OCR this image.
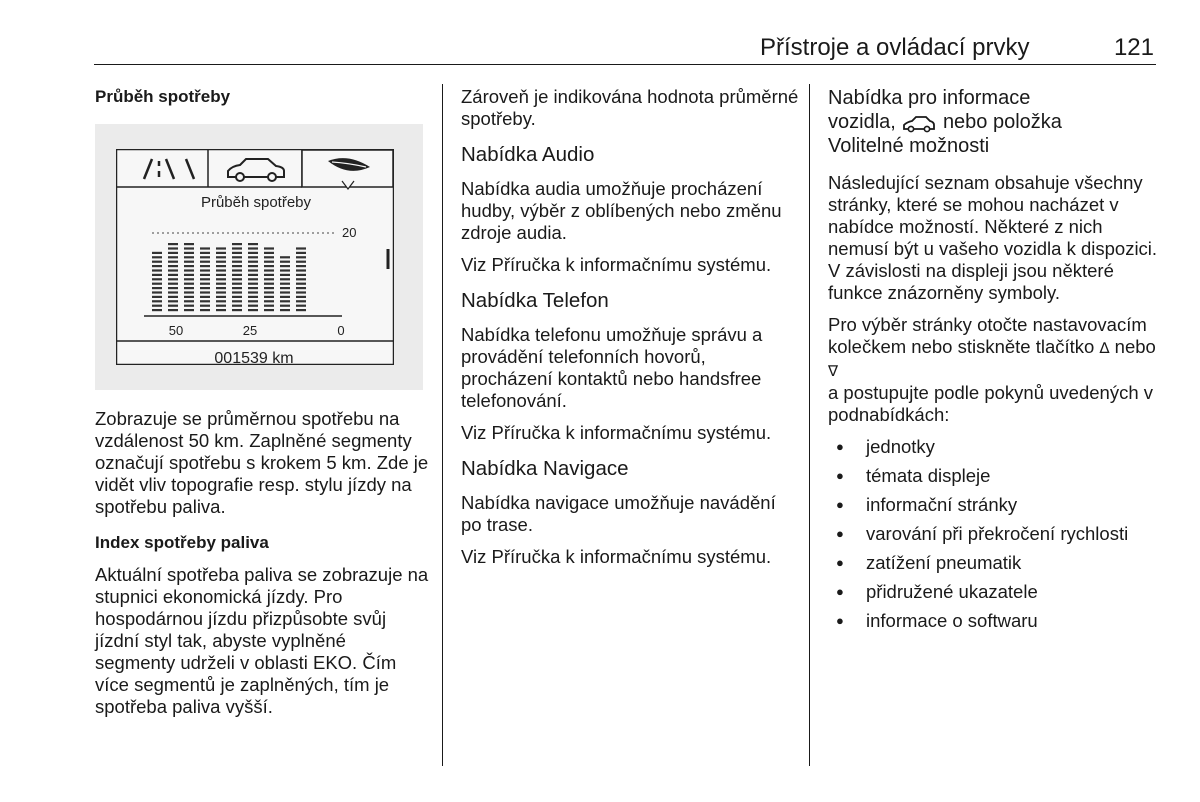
Přístroje a ovládací prvky	121

Průběh spotřeby

Průběh spotřeby
20
50	25	0
001539 km

Zobrazuje se průměrnou spotřebu na vzdálenost 50 km. Zaplněné segmenty označují spotřebu s krokem 5 km. Zde je vidět vliv topografie resp. stylu jízdy na spotřebu paliva.

Index spotřeby paliva

Aktuální spotřeba paliva se zobrazuje na stupnici ekonomická jízdy. Pro hospodárnou jízdu přizpůsobte svůj jízdní styl tak, abyste vyplněné segmenty udrželi v oblasti EKO. Čím více segmentů je zaplněných, tím je spotřeba paliva vyšší.

Zároveň je indikována hodnota průměrné spotřeby.

Nabídka Audio

Nabídka audia umožňuje procházení hudby, výběr z oblíbených nebo změnu zdroje audia.

Viz Příručka k informačnímu systému.

Nabídka Telefon

Nabídka telefonu umožňuje správu a provádění telefonních hovorů, procházení kontaktů nebo handsfree telefonování.

Viz Příručka k informačnímu systému.

Nabídka Navigace

Nabídka navigace umožňuje navádění po trase.

Viz Příručka k informačnímu systému.

Nabídka pro informace
vozidla, nebo položka
Volitelné možnosti

Následující seznam obsahuje všechny stránky, které se mohou nacházet v nabídce možností. Některé z nich nemusí být u vašeho vozidla k dispozici. V závislosti na displeji jsou některé funkce znázorněny symboly.

Pro výběr stránky otočte nastavovacím kolečkem nebo stiskněte tlačítko ∆ nebo ∇
a postupujte podle pokynů uvedených v podnabídkách:

● jednotky
● témata displeje
● informační stránky
● varování při překročení rychlosti
● zatížení pneumatik
● přidružené ukazatele
● informace o softwaru
